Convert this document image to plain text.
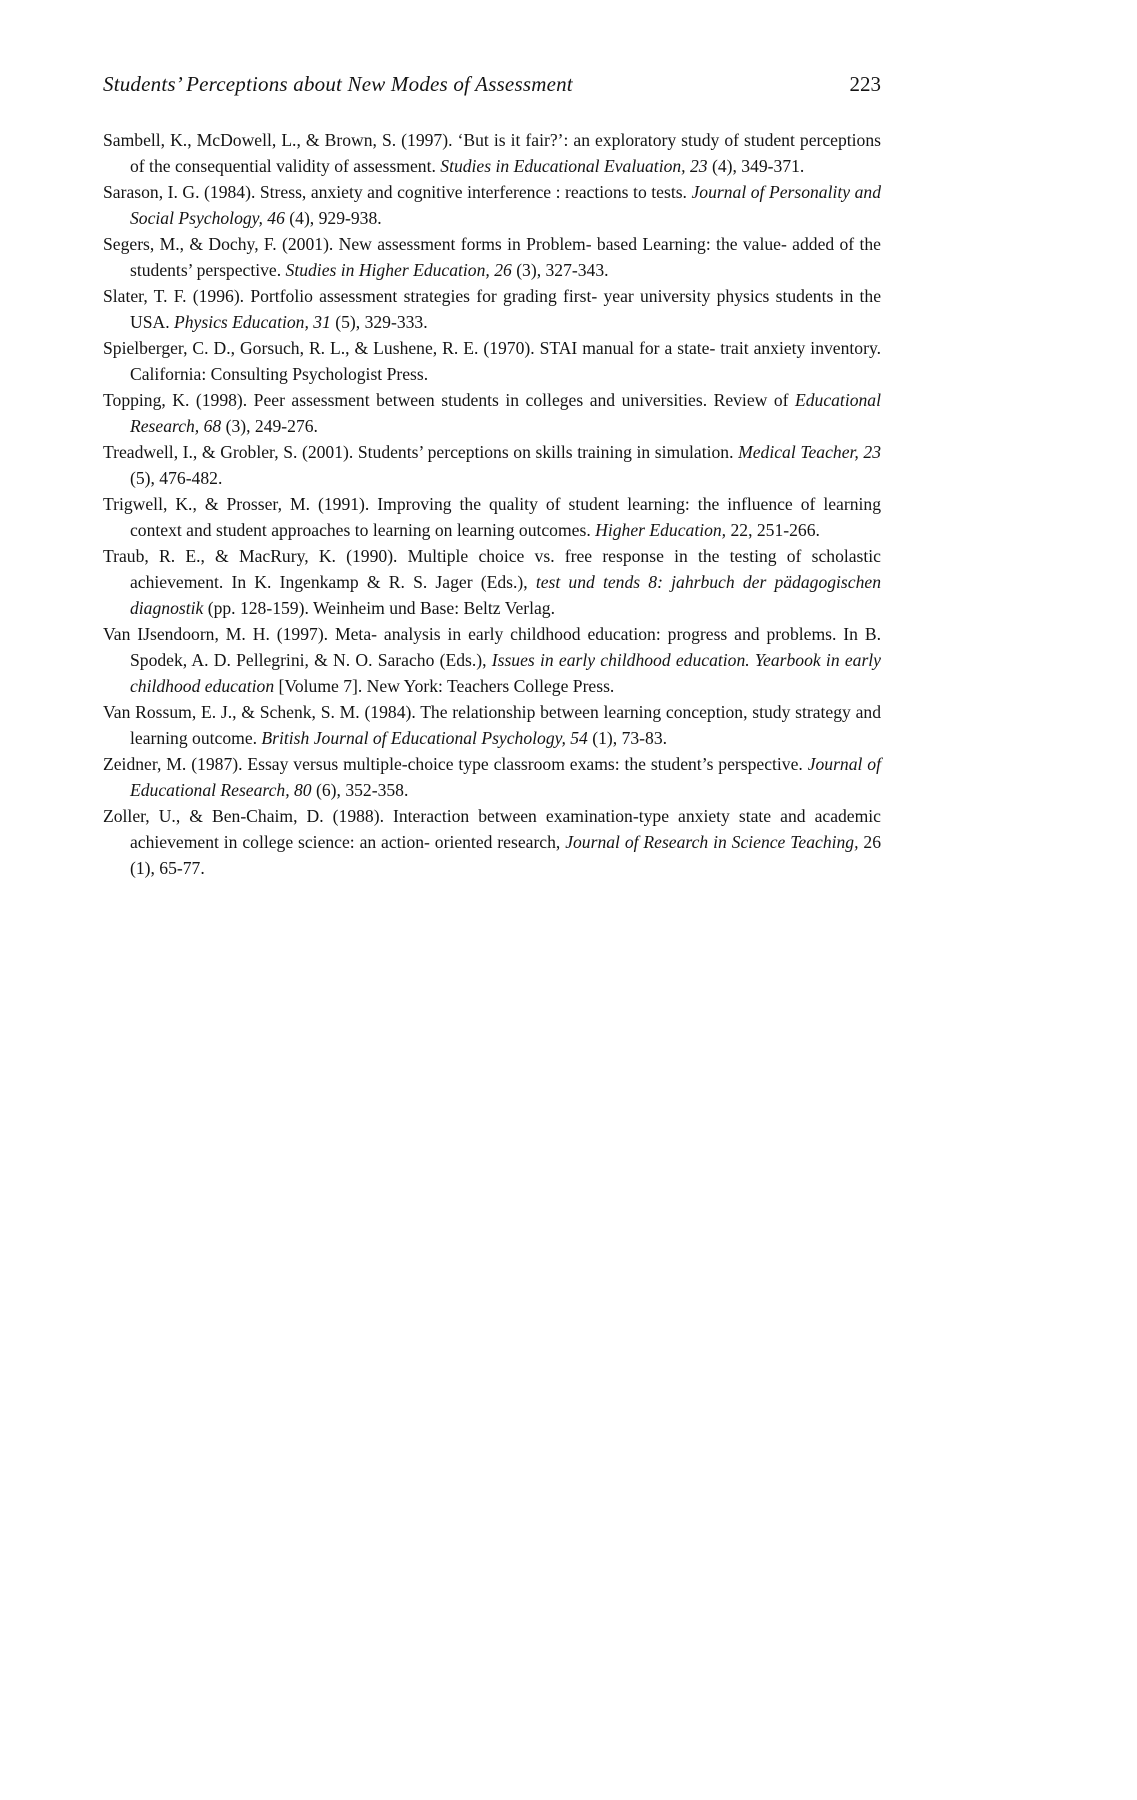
Students’ Perceptions about New Modes of Assessment	223

Sambell, K., McDowell, L., & Brown, S. (1997). ‘But is it fair?’: an exploratory study of student perceptions of the consequential validity of assessment. Studies in Educational Evaluation, 23 (4), 349-371.

Sarason, I. G. (1984). Stress, anxiety and cognitive interference : reactions to tests. Journal of Personality and Social Psychology, 46 (4), 929-938.

Segers, M., & Dochy, F. (2001). New assessment forms in Problem- based Learning: the value- added of the students’ perspective. Studies in Higher Education, 26 (3), 327-343.

Slater, T. F. (1996). Portfolio assessment strategies for grading first- year university physics students in the USA. Physics Education, 31 (5), 329-333.

Spielberger, C. D., Gorsuch, R. L., & Lushene, R. E. (1970). STAI manual for a state- trait anxiety inventory. California: Consulting Psychologist Press.

Topping, K. (1998). Peer assessment between students in colleges and universities. Review of Educational Research, 68 (3), 249-276.

Treadwell, I., & Grobler, S. (2001). Students’ perceptions on skills training in simulation. Medical Teacher, 23 (5), 476-482.

Trigwell, K., & Prosser, M. (1991). Improving the quality of student learning: the influence of learning context and student approaches to learning on learning outcomes. Higher Education, 22, 251-266.

Traub, R. E., & MacRury, K. (1990). Multiple choice vs. free response in the testing of scholastic achievement. In K. Ingenkamp & R. S. Jager (Eds.), test und tends 8: jahrbuch der pädagogischen diagnostik (pp. 128-159). Weinheim und Base: Beltz Verlag.

Van IJsendoorn, M. H. (1997). Meta- analysis in early childhood education: progress and problems. In B. Spodek, A. D. Pellegrini, & N. O. Saracho (Eds.), Issues in early childhood education. Yearbook in early childhood education [Volume 7]. New York: Teachers College Press.

Van Rossum, E. J., & Schenk, S. M. (1984). The relationship between learning conception, study strategy and learning outcome. British Journal of Educational Psychology, 54 (1), 73-83.

Zeidner, M. (1987). Essay versus multiple-choice type classroom exams: the student’s perspective. Journal of Educational Research, 80 (6), 352-358.

Zoller, U., & Ben-Chaim, D. (1988). Interaction between examination-type anxiety state and academic achievement in college science: an action- oriented research, Journal of Research in Science Teaching, 26 (1), 65-77.
